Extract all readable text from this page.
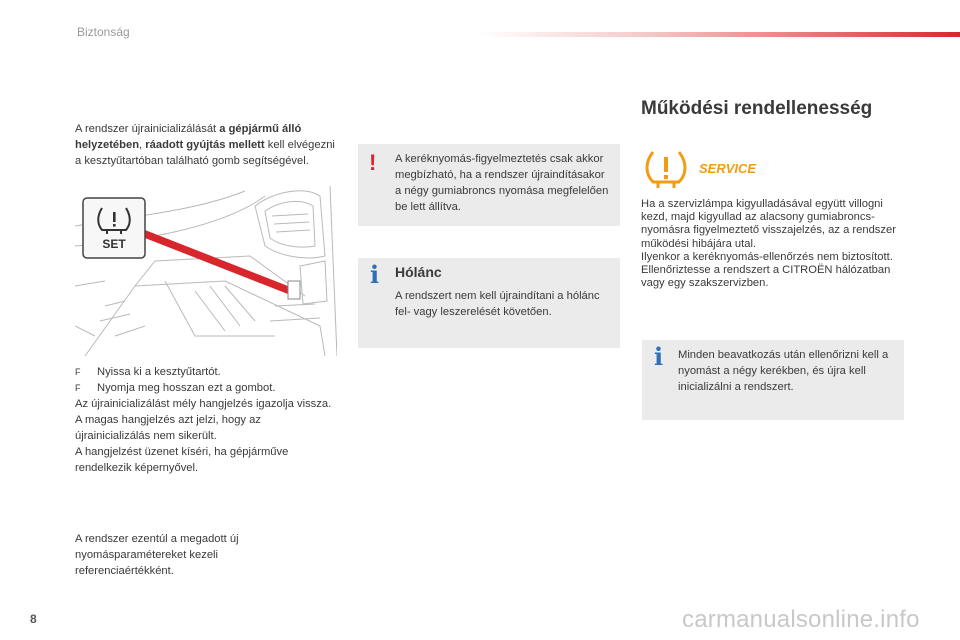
Biztonság
A rendszer újrainicializálását a gépjármű álló helyzetében, ráadott gyújtás mellett kell elvégezni a kesztyűtartóban található gomb segítségével.
SET
F	Nyissa ki a kesztyűtartót.
F	Nyomja meg hosszan ezt a gombot.
Az újrainicializálást mély hangjelzés igazolja vissza.
A magas hangjelzés azt jelzi, hogy az újrainicializálás nem sikerült.
A hangjelzést üzenet kíséri, ha gépjárműve rendelkezik képernyővel.
A rendszer ezentúl a megadott új nyomásparamétereket kezeli referenciaértékként.
! A keréknyomás-figyelmeztetés csak akkor megbízható, ha a rendszer újraindításakor a négy gumiabroncs nyomása megfelelően be lett állítva.
i Hólánc
A rendszert nem kell újraindítani a hólánc fel- vagy leszerelését követően.
Működési rendellenesség
SERVICE
Ha a szervizlámpa kigyulladásával együtt villogni kezd, majd kigyullad az alacsony gumiabroncs-nyomásra figyelmeztető visszajelzés, az a rendszer működési hibájára utal.
Ilyenkor a keréknyomás-ellenőrzés nem biztosított.
Ellenőriztesse a rendszert a CITROËN hálózatban vagy egy szakszervizben.
i Minden beavatkozás után ellenőrizni kell a nyomást a négy kerékben, és újra kell inicializálni a rendszert.
8	carmanualsonline.info
